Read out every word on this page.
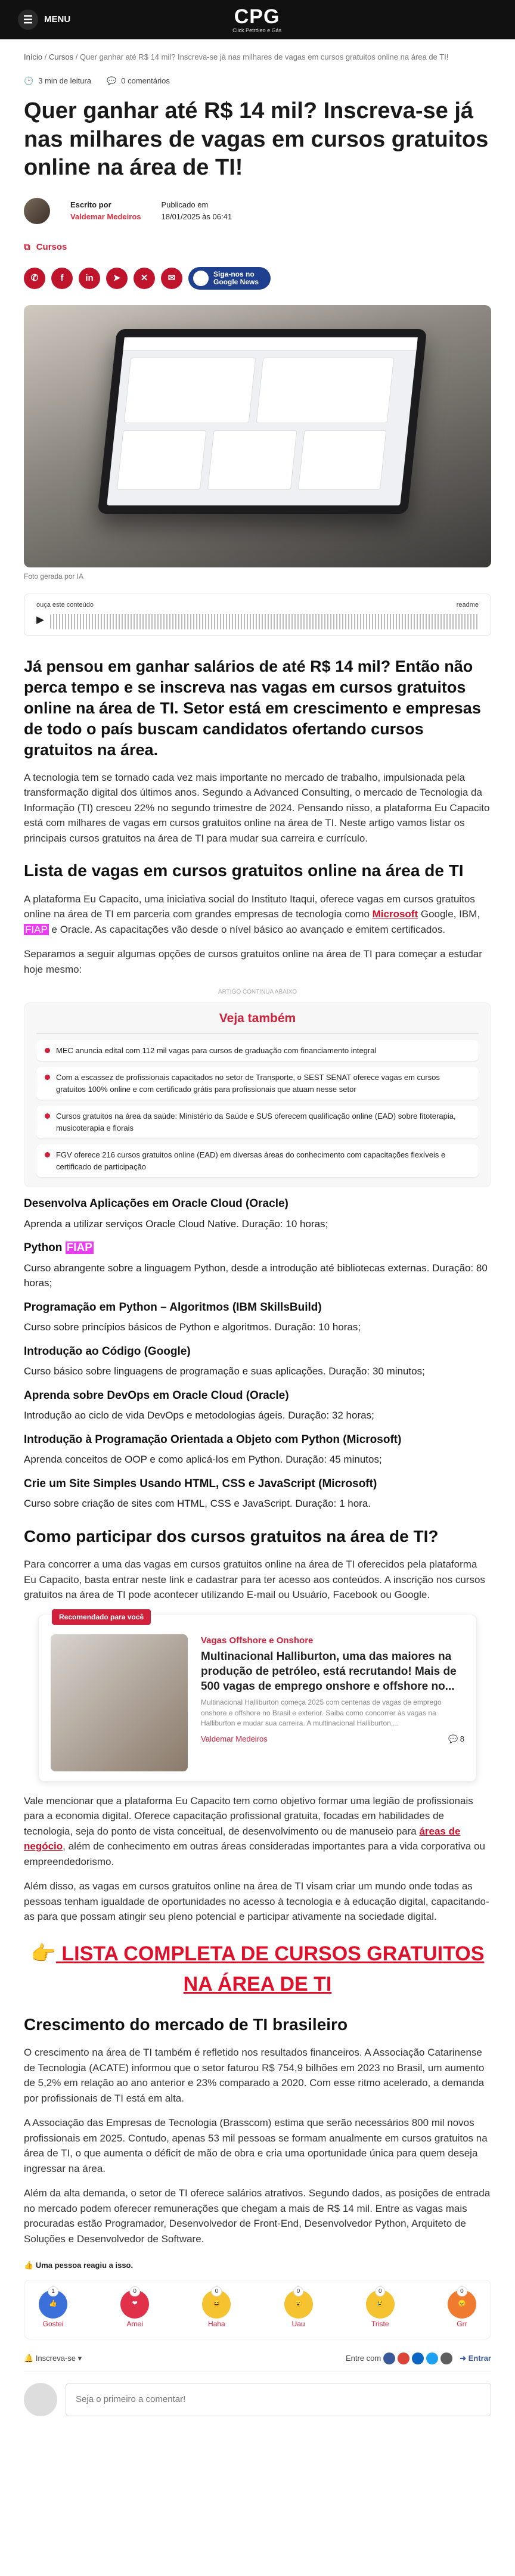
☰	MENU	CPG
Click Petróleo e Gás
Início / Cursos / Quer ganhar até R$ 14 mil? Inscreva-se já nas milhares de vagas em cursos gratuitos online na área de TI!
🕑 3 min de leitura 💬 0 comentários
Quer ganhar até R$ 14 mil? Inscreva-se já nas milhares de vagas em cursos gratuitos online na área de TI!
Escrito por
Valdemar Medeiros
Publicado em
18/01/2025 às 06:41
⧉ Cursos
✆	f	in	➤	✕	✉	Siga-nos no Google News
Foto gerada por IA
ouça este conteúdo	readme
▶
Já pensou em ganhar salários de até R$ 14 mil? Então não perca tempo e se inscreva nas vagas em cursos gratuitos online na área de TI. Setor está em crescimento e empresas de todo o país buscam candidatos ofertando cursos gratuitos na área.

A tecnologia tem se tornado cada vez mais importante no mercado de trabalho, impulsionada pela transformação digital dos últimos anos. Segundo a Advanced Consulting, o mercado de Tecnologia da Informação (TI) cresceu 22% no segundo trimestre de 2024. Pensando nisso, a plataforma Eu Capacito está com milhares de vagas em cursos gratuitos online na área de TI. Neste artigo vamos listar os principais cursos gratuitos na área de TI para mudar sua carreira e currículo.

Lista de vagas em cursos gratuitos online na área de TI

A plataforma Eu Capacito, uma iniciativa social do Instituto Itaqui, oferece vagas em cursos gratuitos online na área de TI em parceria com grandes empresas de tecnologia como Microsoft Google, IBM, FIAP e Oracle. As capacitações vão desde o nível básico ao avançado e emitem certificados.

Separamos a seguir algumas opções de cursos gratuitos online na área de TI para começar a estudar hoje mesmo:

ARTIGO CONTINUA ABAIXO
Veja também
MEC anuncia edital com 112 mil vagas para cursos de graduação com financiamento integral
Com a escassez de profissionais capacitados no setor de Transporte, o SEST SENAT oferece vagas em cursos gratuitos 100% online e com certificado grátis para profissionais que atuam nesse setor
Cursos gratuitos na área da saúde: Ministério da Saúde e SUS oferecem qualificação online (EAD) sobre fitoterapia, musicoterapia e florais
FGV oferece 216 cursos gratuitos online (EAD) em diversas áreas do conhecimento com capacitações flexíveis e certificado de participação
Desenvolva Aplicações em Oracle Cloud (Oracle)
Aprenda a utilizar serviços Oracle Cloud Native. Duração: 10 horas;
Python FIAP
Curso abrangente sobre a linguagem Python, desde a introdução até bibliotecas externas. Duração: 80 horas;
Programação em Python – Algoritmos (IBM SkillsBuild)
Curso sobre princípios básicos de Python e algoritmos. Duração: 10 horas;
Introdução ao Código (Google)
Curso básico sobre linguagens de programação e suas aplicações. Duração: 30 minutos;
Aprenda sobre DevOps em Oracle Cloud (Oracle)
Introdução ao ciclo de vida DevOps e metodologias ágeis. Duração: 32 horas;
Introdução à Programação Orientada a Objeto com Python (Microsoft)
Aprenda conceitos de OOP e como aplicá-los em Python. Duração: 45 minutos;
Crie um Site Simples Usando HTML, CSS e JavaScript (Microsoft)
Curso sobre criação de sites com HTML, CSS e JavaScript. Duração: 1 hora.
Como participar dos cursos gratuitos na área de TI?

Para concorrer a uma das vagas em cursos gratuitos online na área de TI oferecidos pela plataforma Eu Capacito, basta entrar neste link e cadastrar para ter acesso aos conteúdos. A inscrição nos cursos gratuitos na área de TI pode acontecer utilizando E-mail ou Usuário, Facebook ou Google.

Recomendado para você
Vagas Offshore e Onshore
Multinacional Halliburton, uma das maiores na produção de petróleo, está recrutando! Mais de 500 vagas de emprego onshore e offshore no...
Multinacional Halliburton começa 2025 com centenas de vagas de emprego onshore e offshore no Brasil e exterior. Saiba como concorrer às vagas na Halliburton e mudar sua carreira. A multinacional Halliburton,...
Valdemar Medeiros	💬 8

Vale mencionar que a plataforma Eu Capacito tem como objetivo formar uma legião de profissionais para a economia digital. Oferece capacitação profissional gratuita, focadas em habilidades de tecnologia, seja do ponto de vista conceitual, de desenvolvimento ou de manuseio para áreas de negócio, além de conhecimento em outras áreas consideradas importantes para a vida corporativa ou empreendedorismo.

Além disso, as vagas em cursos gratuitos online na área de TI visam criar um mundo onde todas as pessoas tenham igualdade de oportunidades no acesso à tecnologia e à educação digital, capacitando-as para que possam atingir seu pleno potencial e participar ativamente na sociedade digital.

👉 LISTA COMPLETA DE CURSOS GRATUITOS NA ÁREA DE TI
Crescimento do mercado de TI brasileiro

O crescimento na área de TI também é refletido nos resultados financeiros. A Associação Catarinense de Tecnologia (ACATE) informou que o setor faturou R$ 754,9 bilhões em 2023 no Brasil, um aumento de 5,2% em relação ao ano anterior e 23% comparado a 2020. Com esse ritmo acelerado, a demanda por profissionais de TI está em alta.

A Associação das Empresas de Tecnologia (Brasscom) estima que serão necessários 800 mil novos profissionais em 2025. Contudo, apenas 53 mil pessoas se formam anualmente em cursos gratuitos na área de TI, o que aumenta o déficit de mão de obra e cria uma oportunidade única para quem deseja ingressar na área.

Além da alta demanda, o setor de TI oferece salários atrativos. Segundo dados, as posições de entrada no mercado podem oferecer remunerações que chegam a mais de R$ 14 mil. Entre as vagas mais procuradas estão Programador, Desenvolvedor de Front-End, Desenvolvedor Python, Arquiteto de Soluções e Desenvolvedor de Software.

👍 Uma pessoa reagiu a isso.
👍
1
Gostei
❤
0
Amei
😆
0
Haha
😮
0
Uau
😢
0
Triste
😠
0
Grr
🔔 Inscreva-se ▾	Entre com	➜ Entrar
Seja o primeiro a comentar!
